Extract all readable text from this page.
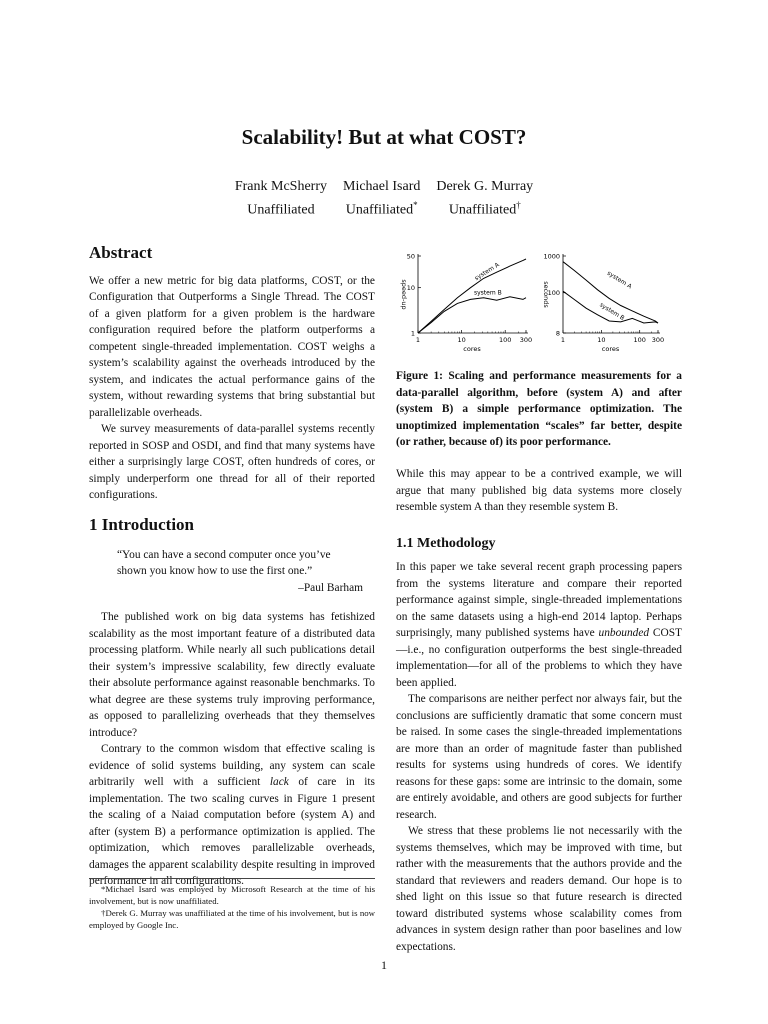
Scalability! But at what COST?
Frank McSherry
Unaffiliated
Michael Isard
Unaffiliated*
Derek G. Murray
Unaffiliated†
Abstract

We offer a new metric for big data platforms, COST, or the Configuration that Outperforms a Single Thread. The COST of a given platform for a given problem is the hardware configuration required before the platform outperforms a competent single-threaded implementation. COST weighs a system’s scalability against the overheads introduced by the system, and indicates the actual performance gains of the system, without rewarding systems that bring substantial but parallelizable overheads.

We survey measurements of data-parallel systems recently reported in SOSP and OSDI, and find that many systems have either a surprisingly large COST, often hundreds of cores, or simply underperform one thread for all of their reported configurations.

1 Introduction

“You can have a second computer once you’ve shown you know how to use the first one.”

–Paul Barham

The published work on big data systems has fetishized scalability as the most important feature of a distributed data processing platform. While nearly all such publications detail their system’s impressive scalability, few directly evaluate their absolute performance against reasonable benchmarks. To what degree are these systems truly improving performance, as opposed to parallelizing overheads that they themselves introduce?

Contrary to the common wisdom that effective scaling is evidence of solid systems building, any system can scale arbitrarily well with a sufficient lack of care in its implementation. The two scaling curves in Figure 1 present the scaling of a Naiad computation before (system A) and after (system B) a performance optimization is applied. The optimization, which removes parallelizable overheads, damages the apparent scalability despite resulting in improved performance in all configurations.

*Michael Isard was employed by Microsoft Research at the time of his involvement, but is now unaffiliated.

†Derek G. Murray was unaffiliated at the time of his involvement, but is now employed by Google Inc.

1	10	100 300
1
10
50
cores
speed-up
system A
system B
1	10	100 300
8
100
1000
cores
seconds
system A
system B

Figure 1: Scaling and performance measurements for a data-parallel algorithm, before (system A) and after (system B) a simple performance optimization. The unoptimized implementation “scales” far better, despite (or rather, because of) its poor performance.

While this may appear to be a contrived example, we will argue that many published big data systems more closely resemble system A than they resemble system B.

1.1 Methodology

In this paper we take several recent graph processing papers from the systems literature and compare their reported performance against simple, single-threaded implementations on the same datasets using a high-end 2014 laptop. Perhaps surprisingly, many published systems have unbounded COST—i.e., no configuration outperforms the best single-threaded implementation—for all of the problems to which they have been applied.

The comparisons are neither perfect nor always fair, but the conclusions are sufficiently dramatic that some concern must be raised. In some cases the single-threaded implementations are more than an order of magnitude faster than published results for systems using hundreds of cores. We identify reasons for these gaps: some are intrinsic to the domain, some are entirely avoidable, and others are good subjects for further research.

We stress that these problems lie not necessarily with the systems themselves, which may be improved with time, but rather with the measurements that the authors provide and the standard that reviewers and readers demand. Our hope is to shed light on this issue so that future research is directed toward distributed systems whose scalability comes from advances in system design rather than poor baselines and low expectations.

1
